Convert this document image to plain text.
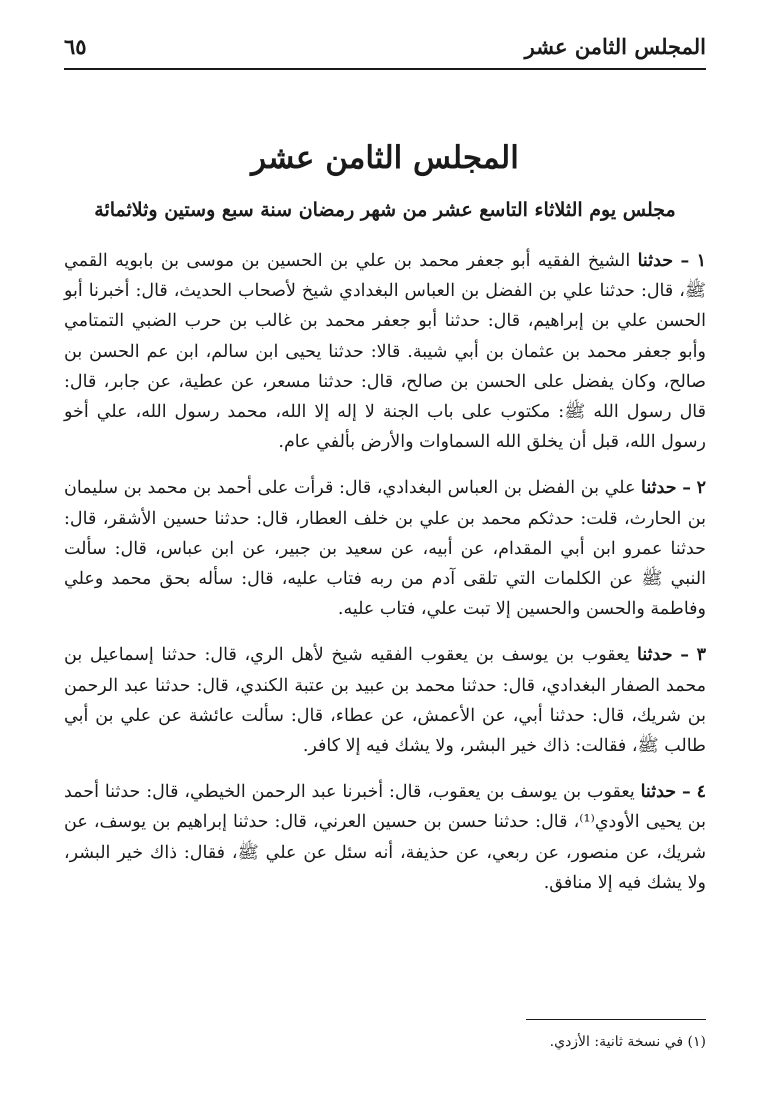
المجلس الثامن عشر
٦٥
المجلس الثامن عشر
مجلس يوم الثلاثاء التاسع عشر من شهر رمضان سنة سبع وستين وثلاثمائة

١ – حدثنا الشيخ الفقيه أبو جعفر محمد بن علي بن الحسين بن موسى بن بابويه القمي ﷺ، قال: حدثنا علي بن الفضل بن العباس البغدادي شيخ لأصحاب الحديث، قال: أخبرنا أبو الحسن علي بن إبراهيم، قال: حدثنا أبو جعفر محمد بن غالب بن حرب الضبي التمتامي وأبو جعفر محمد بن عثمان بن أبي شيبة. قالا: حدثنا يحيى ابن سالم، ابن عم الحسن بن صالح، وكان يفضل على الحسن بن صالح، قال: حدثنا مسعر، عن عطية، عن جابر، قال: قال رسول الله ﷺ: مكتوب على باب الجنة لا إله إلا الله، محمد رسول الله، علي أخو رسول الله، قبل أن يخلق الله السماوات والأرض بألفي عام.

٢ – حدثنا علي بن الفضل بن العباس البغدادي، قال: قرأت على أحمد بن محمد بن سليمان بن الحارث، قلت: حدثكم محمد بن علي بن خلف العطار، قال: حدثنا حسين الأشقر، قال: حدثنا عمرو ابن أبي المقدام، عن أبيه، عن سعيد بن جبير، عن ابن عباس، قال: سألت النبي ﷺ عن الكلمات التي تلقى آدم من ربه فتاب عليه، قال: سأله بحق محمد وعلي وفاطمة والحسن والحسين إلا تبت علي، فتاب عليه.

٣ – حدثنا يعقوب بن يوسف بن يعقوب الفقيه شيخ لأهل الري، قال: حدثنا إسماعيل بن محمد الصفار البغدادي، قال: حدثنا محمد بن عبيد بن عتبة الكندي، قال: حدثنا عبد الرحمن بن شريك، قال: حدثنا أبي، عن الأعمش، عن عطاء، قال: سألت عائشة عن علي بن أبي طالب ﷺ، فقالت: ذاك خير البشر، ولا يشك فيه إلا كافر.

٤ – حدثنا يعقوب بن يوسف بن يعقوب، قال: أخبرنا عبد الرحمن الخيطي، قال: حدثنا أحمد بن يحيى الأودي⁽¹⁾، قال: حدثنا حسن بن حسين العرني، قال: حدثنا إبراهيم بن يوسف، عن شريك، عن منصور، عن ربعي، عن حذيفة، أنه سئل عن علي ﷺ، فقال: ذاك خير البشر، ولا يشك فيه إلا منافق.

(١) في نسخة ثانية: الأزدي.
